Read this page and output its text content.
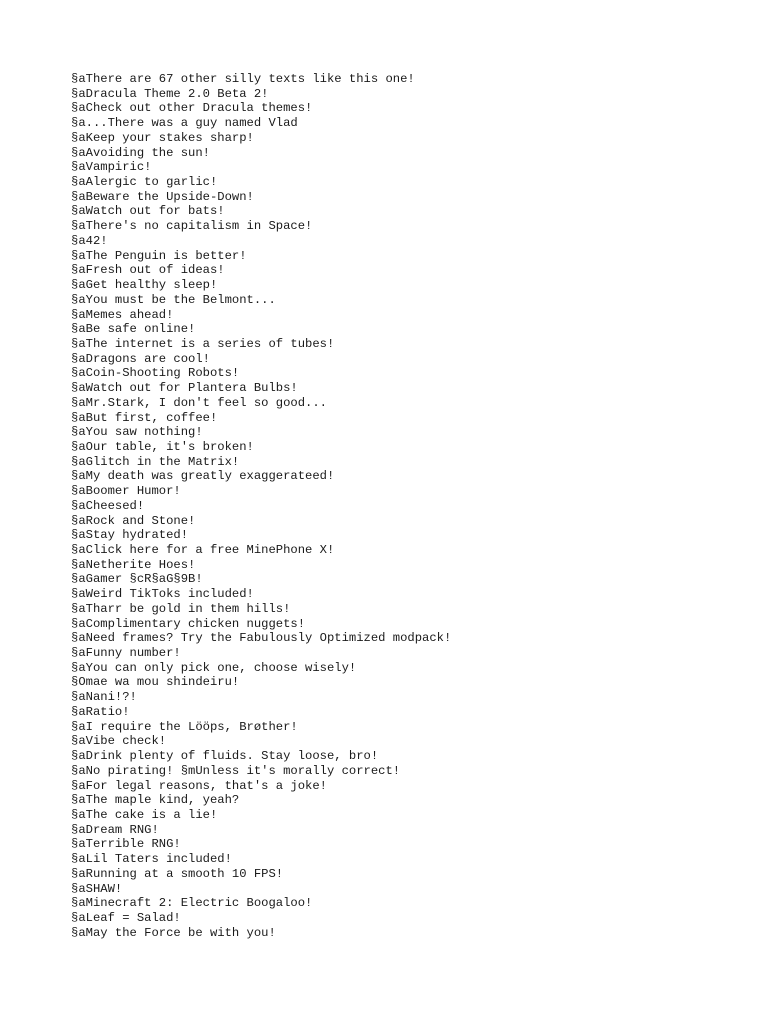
§aThere are 67 other silly texts like this one!
§aDracula Theme 2.0 Beta 2!
§aCheck out other Dracula themes!
§a...There was a guy named Vlad
§aKeep your stakes sharp!
§aAvoiding the sun!
§aVampiric!
§aAlergic to garlic!
§aBeware the Upside-Down!
§aWatch out for bats!
§aThere's no capitalism in Space!
§a42!
§aThe Penguin is better!
§aFresh out of ideas!
§aGet healthy sleep!
§aYou must be the Belmont...
§aMemes ahead!
§aBe safe online!
§aThe internet is a series of tubes!
§aDragons are cool!
§aCoin-Shooting Robots!
§aWatch out for Plantera Bulbs!
§aMr.Stark, I don't feel so good...
§aBut first, coffee!
§aYou saw nothing!
§aOur table, it's broken!
§aGlitch in the Matrix!
§aMy death was greatly exaggerateed!
§aBoomer Humor!
§aCheesed!
§aRock and Stone!
§aStay hydrated!
§aClick here for a free MinePhone X!
§aNetherite Hoes!
§aGamer §cR§aG§9B!
§aWeird TikToks included!
§aTharr be gold in them hills!
§aComplimentary chicken nuggets!
§aNeed frames? Try the Fabulously Optimized modpack!
§aFunny number!
§aYou can only pick one, choose wisely!
§Omae wa mou shindeiru!
§aNani!?!
§aRatio!
§aI require the Lööps, Brøther!
§aVibe check!
§aDrink plenty of fluids. Stay loose, bro!
§aNo pirating! §mUnless it's morally correct!
§aFor legal reasons, that's a joke!
§aThe maple kind, yeah?
§aThe cake is a lie!
§aDream RNG!
§aTerrible RNG!
§aLil Taters included!
§aRunning at a smooth 10 FPS!
§aSHAW!
§aMinecraft 2: Electric Boogaloo!
§aLeaf = Salad!
§aMay the Force be with you!
